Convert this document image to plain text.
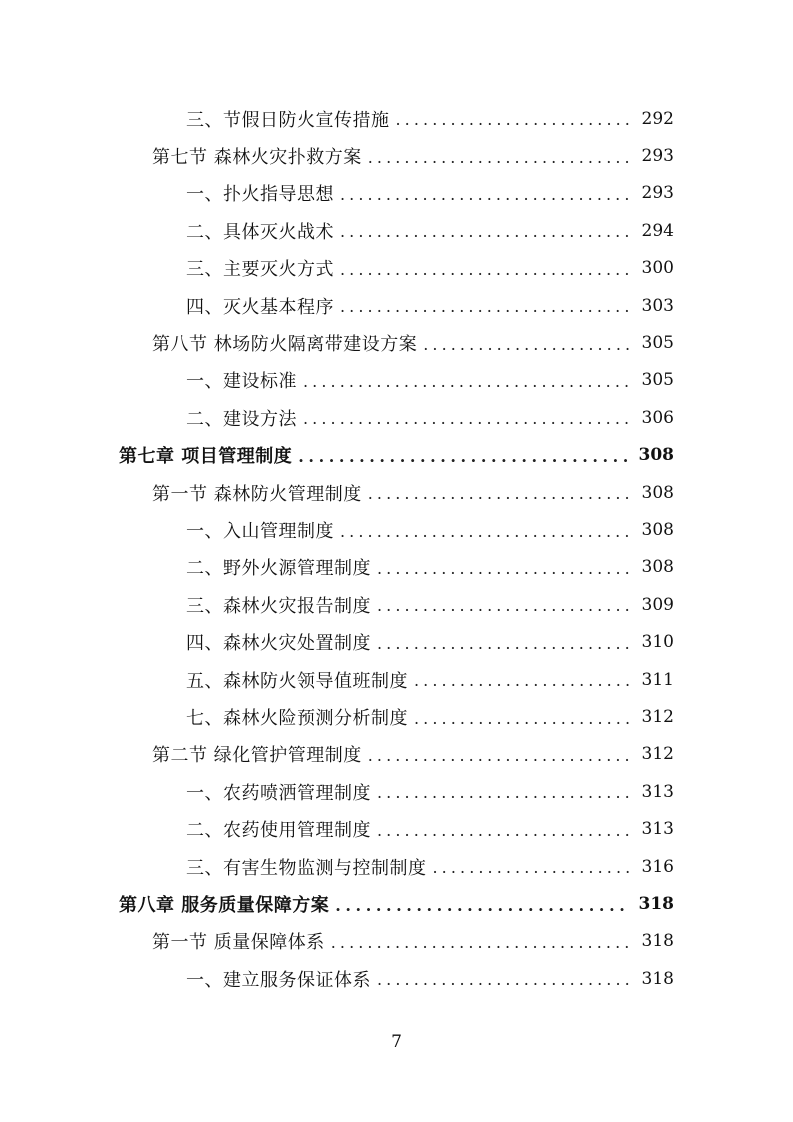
三、节假日防火宣传措施 . . .	292
第七节 森林火灾扑救方案 . . .	293
一、扑火指导思想 . . .	293
二、具体灭火战术 . . .	294
三、主要灭火方式 . . .	300
四、灭火基本程序 . . .	303
第八节 林场防火隔离带建设方案 . . .	305
一、建设标准 . . .	305
二、建设方法 . . .	306
第七章 项目管理制度 . . .	308
第一节 森林防火管理制度 . . .	308
一、入山管理制度 . . .	308
二、野外火源管理制度 . . .	308
三、森林火灾报告制度 . . .	309
四、森林火灾处置制度 . . .	310
五、森林防火领导值班制度 . . .	311
七、森林火险预测分析制度 . . .	312
第二节 绿化管护管理制度 . . .	312
一、农药喷洒管理制度 . . .	313
二、农药使用管理制度 . . .	313
三、有害生物监测与控制制度 . . .	316
第八章 服务质量保障方案 . . .	318
第一节 质量保障体系 . . .	318
一、建立服务保证体系 . . .	318
7
